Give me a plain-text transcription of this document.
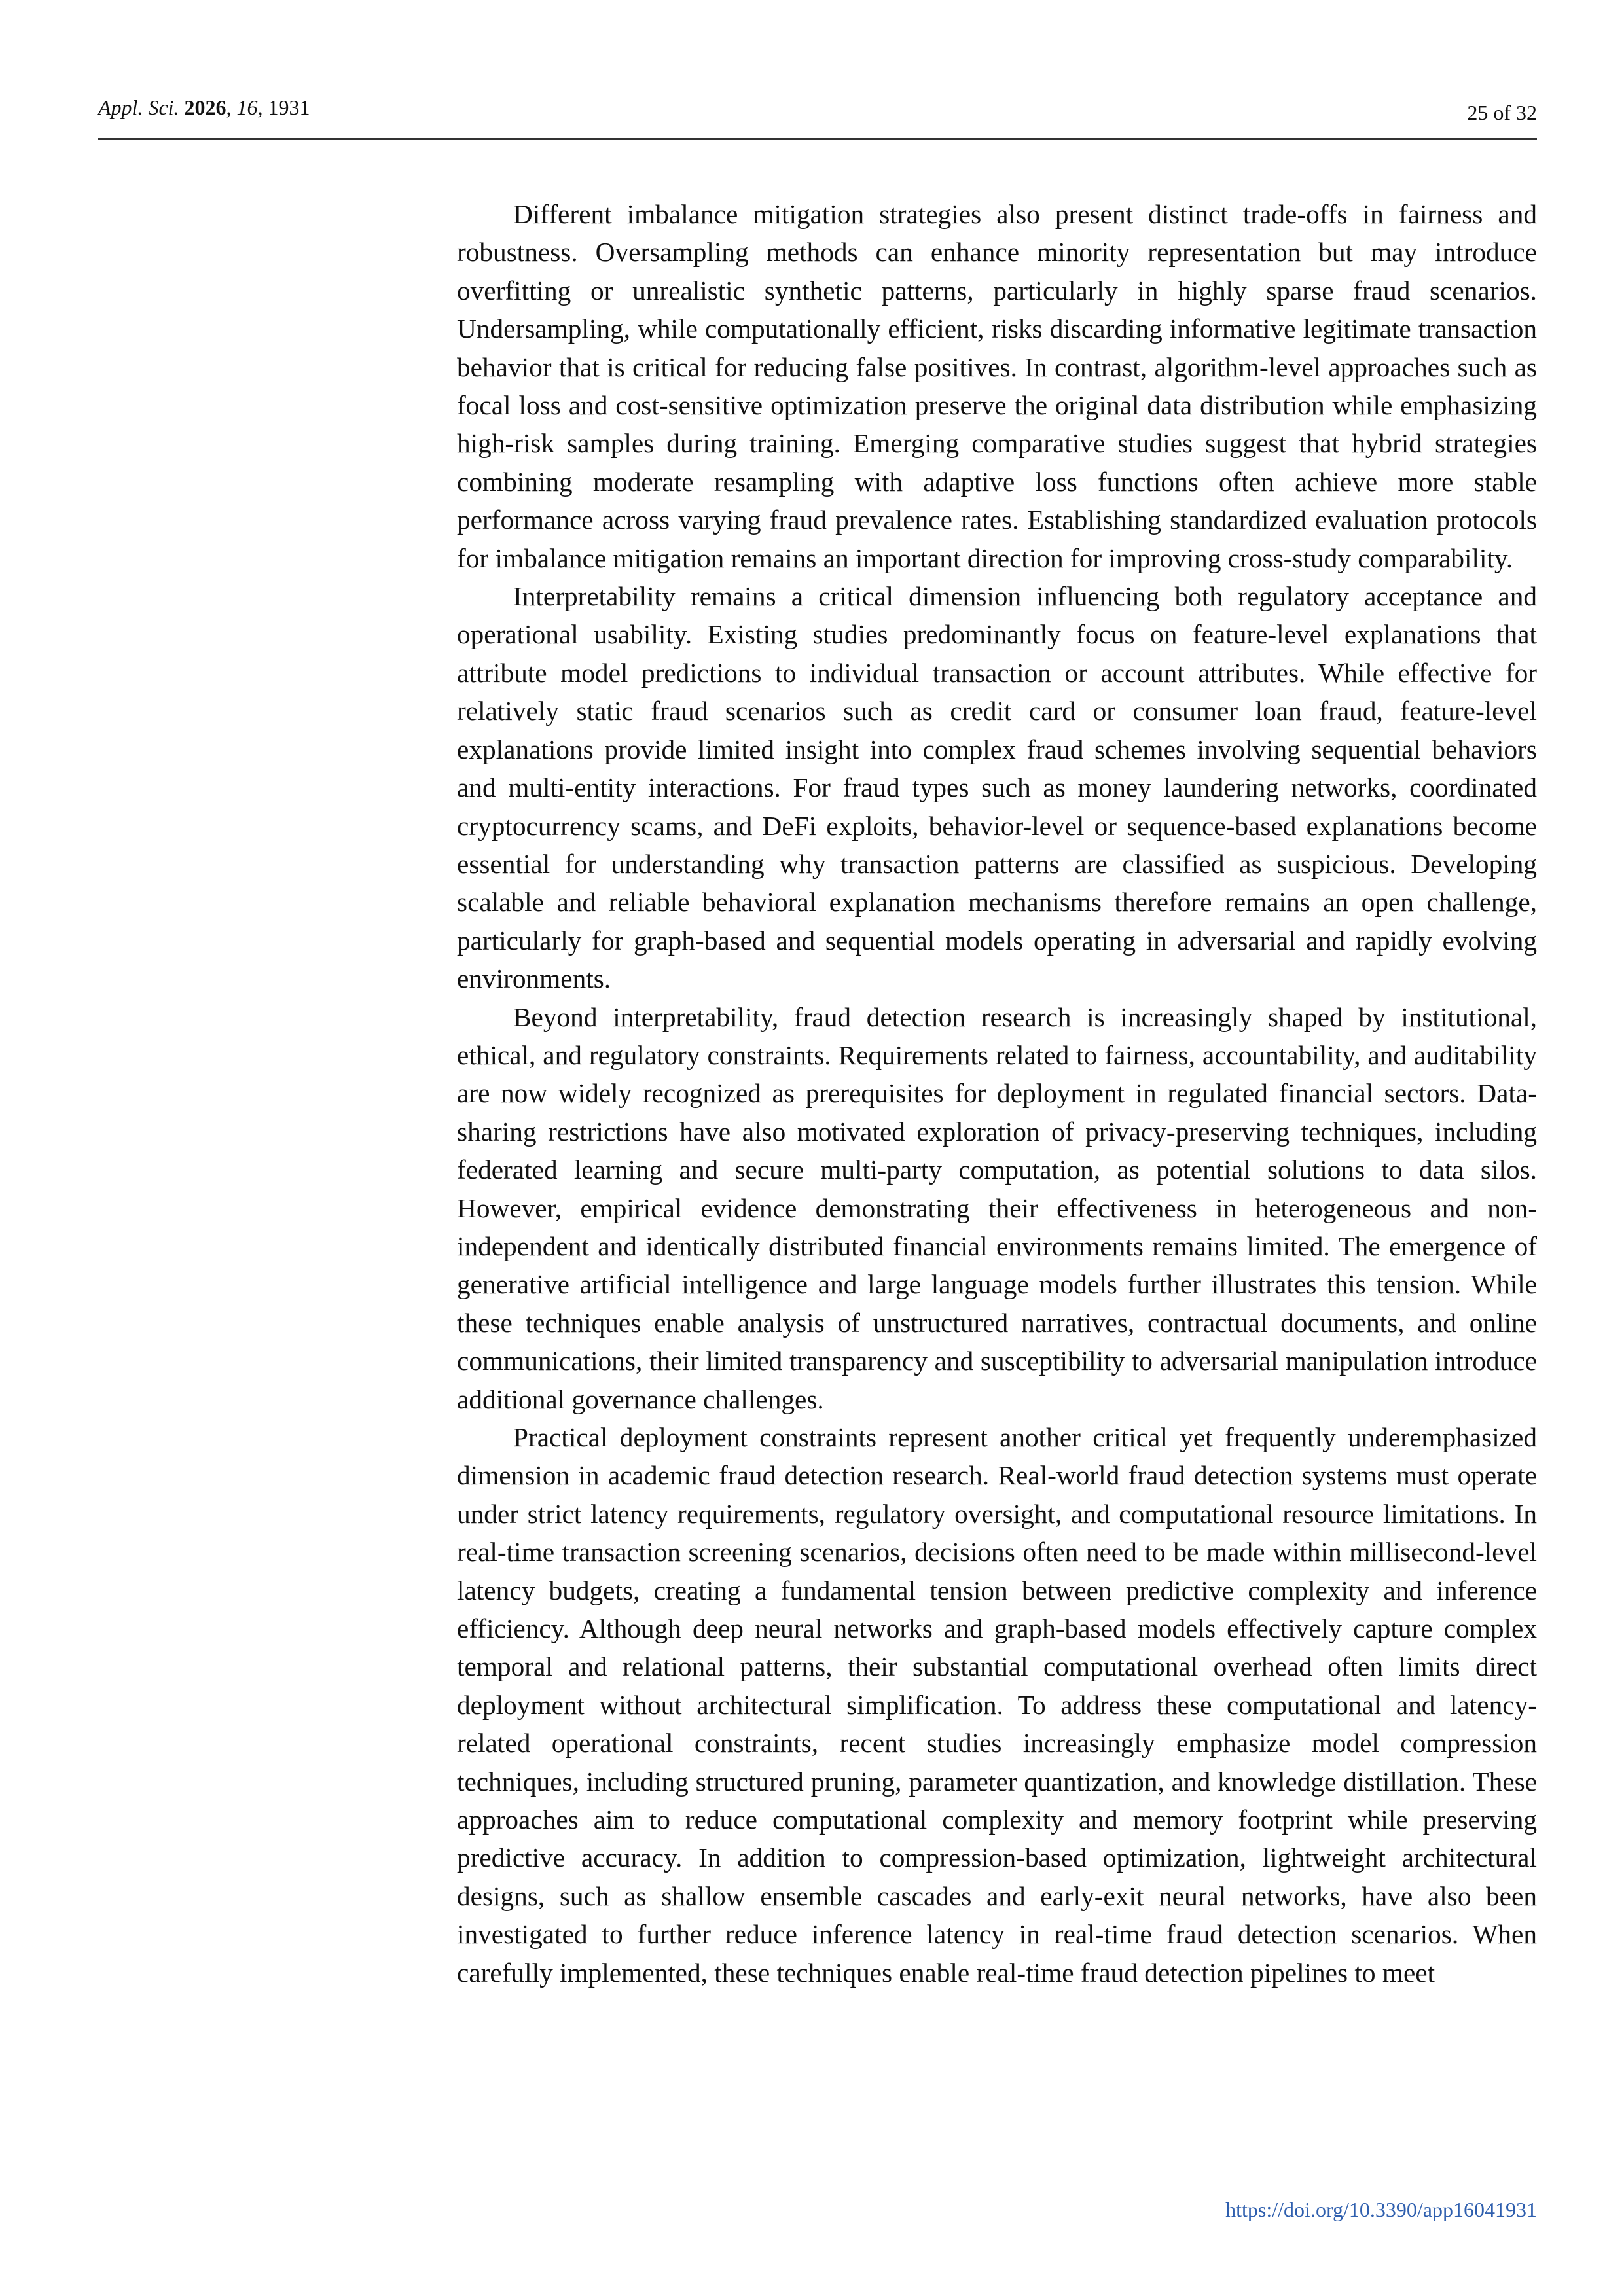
Appl. Sci. 2026, 16, 1931	25 of 32

Different imbalance mitigation strategies also present distinct trade-offs in fairness and robustness. Oversampling methods can enhance minority representation but may introduce overfitting or unrealistic synthetic patterns, particularly in highly sparse fraud scenarios. Undersampling, while computationally efficient, risks discarding informative legitimate transaction behavior that is critical for reducing false positives. In contrast, algorithm-level approaches such as focal loss and cost-sensitive optimization preserve the original data distribution while emphasizing high-risk samples during training. Emerging comparative studies suggest that hybrid strategies combining moderate resampling with adaptive loss functions often achieve more stable performance across varying fraud prevalence rates. Establishing standardized evaluation protocols for imbalance mitigation remains an important direction for improving cross-study comparability.

Interpretability remains a critical dimension influencing both regulatory acceptance and operational usability. Existing studies predominantly focus on feature-level explanations that attribute model predictions to individual transaction or account attributes. While effective for relatively static fraud scenarios such as credit card or consumer loan fraud, feature-level explanations provide limited insight into complex fraud schemes involving sequential behaviors and multi-entity interactions. For fraud types such as money laundering networks, coordinated cryptocurrency scams, and DeFi exploits, behavior-level or sequence-based explanations become essential for understanding why transaction patterns are classified as suspicious. Developing scalable and reliable behavioral explanation mechanisms therefore remains an open challenge, particularly for graph-based and sequential models operating in adversarial and rapidly evolving environments.

Beyond interpretability, fraud detection research is increasingly shaped by institutional, ethical, and regulatory constraints. Requirements related to fairness, accountability, and auditability are now widely recognized as prerequisites for deployment in regulated financial sectors. Data-sharing restrictions have also motivated exploration of privacy-preserving techniques, including federated learning and secure multi-party computation, as potential solutions to data silos. However, empirical evidence demonstrating their effectiveness in heterogeneous and non-independent and identically distributed financial environments remains limited. The emergence of generative artificial intelligence and large language models further illustrates this tension. While these techniques enable analysis of unstructured narratives, contractual documents, and online communications, their limited transparency and susceptibility to adversarial manipulation introduce additional governance challenges.

Practical deployment constraints represent another critical yet frequently underemphasized dimension in academic fraud detection research. Real-world fraud detection systems must operate under strict latency requirements, regulatory oversight, and computational resource limitations. In real-time transaction screening scenarios, decisions often need to be made within millisecond-level latency budgets, creating a fundamental tension between predictive complexity and inference efficiency. Although deep neural networks and graph-based models effectively capture complex temporal and relational patterns, their substantial computational overhead often limits direct deployment without architectural simplification. To address these computational and latency-related operational constraints, recent studies increasingly emphasize model compression techniques, including structured pruning, parameter quantization, and knowledge distillation. These approaches aim to reduce computational complexity and memory footprint while preserving predictive accuracy. In addition to compression-based optimization, lightweight architectural designs, such as shallow ensemble cascades and early-exit neural networks, have also been investigated to further reduce inference latency in real-time fraud detection scenarios. When carefully implemented, these techniques enable real-time fraud detection pipelines to meet

https://doi.org/10.3390/app16041931
